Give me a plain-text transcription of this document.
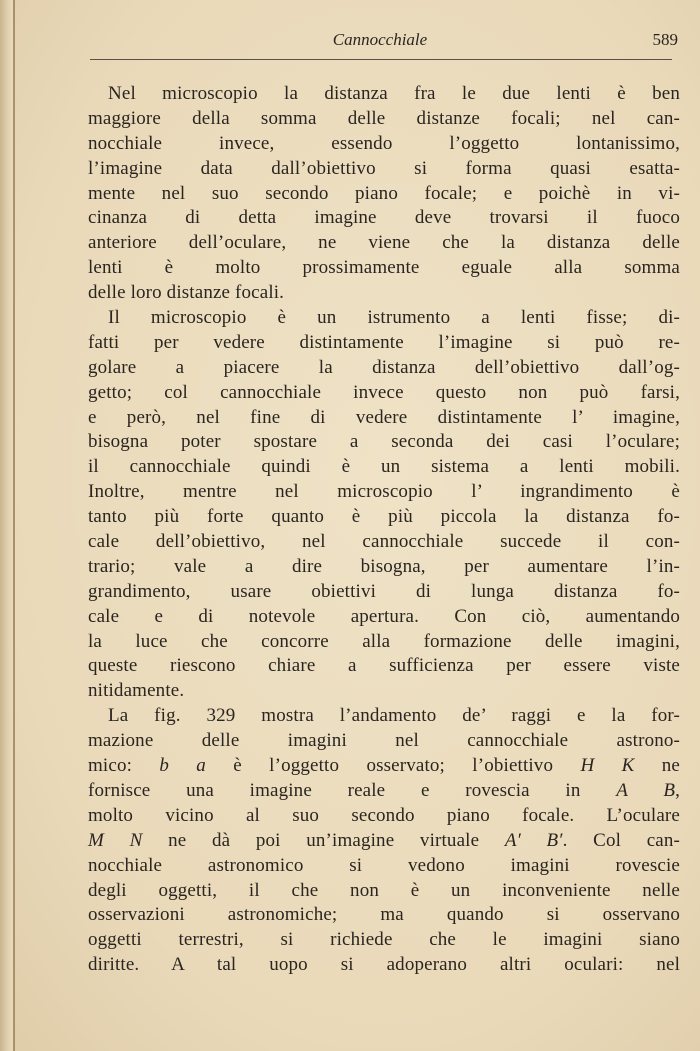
Cannocchiale	589
Nel microscopio la distanza fra le due lenti è ben
maggiore della somma delle distanze focali; nel can-
nocchiale invece, essendo l’oggetto lontanissimo,
l’imagine data dall’obiettivo si forma quasi esatta-
mente nel suo secondo piano focale; e poichè in vi-
cinanza di detta imagine deve trovarsi il fuoco
anteriore dell’oculare, ne viene che la distanza delle
lenti è molto prossimamente eguale alla somma
delle loro distanze focali.
Il microscopio è un istrumento a lenti fisse; di-
fatti per vedere distintamente l’imagine si può re-
golare a piacere la distanza dell’obiettivo dall’og-
getto; col cannocchiale invece questo non può farsi,
e però, nel fine di vedere distintamente l’ imagine,
bisogna poter spostare a seconda dei casi l’oculare;
il cannocchiale quindi è un sistema a lenti mobili.
Inoltre, mentre nel microscopio l’ ingrandimento è
tanto più forte quanto è più piccola la distanza fo-
cale dell’obiettivo, nel cannocchiale succede il con-
trario; vale a dire bisogna, per aumentare l’in-
grandimento, usare obiettivi di lunga distanza fo-
cale e di notevole apertura. Con ciò, aumentando
la luce che concorre alla formazione delle imagini,
queste riescono chiare a sufficienza per essere viste
nitidamente.
La fig. 329 mostra l’andamento de’ raggi e la for-
mazione delle imagini nel cannocchiale astrono-
mico: b a è l’oggetto osservato; l’obiettivo H K ne
fornisce una imagine reale e rovescia in A B,
molto vicino al suo secondo piano focale. L’oculare
M N ne dà poi un’imagine virtuale A′ B′. Col can-
nocchiale astronomico si vedono imagini rovescie
degli oggetti, il che non è un inconveniente nelle
osservazioni astronomiche; ma quando si osservano
oggetti terrestri, si richiede che le imagini siano
diritte. A tal uopo si adoperano altri oculari: nel
